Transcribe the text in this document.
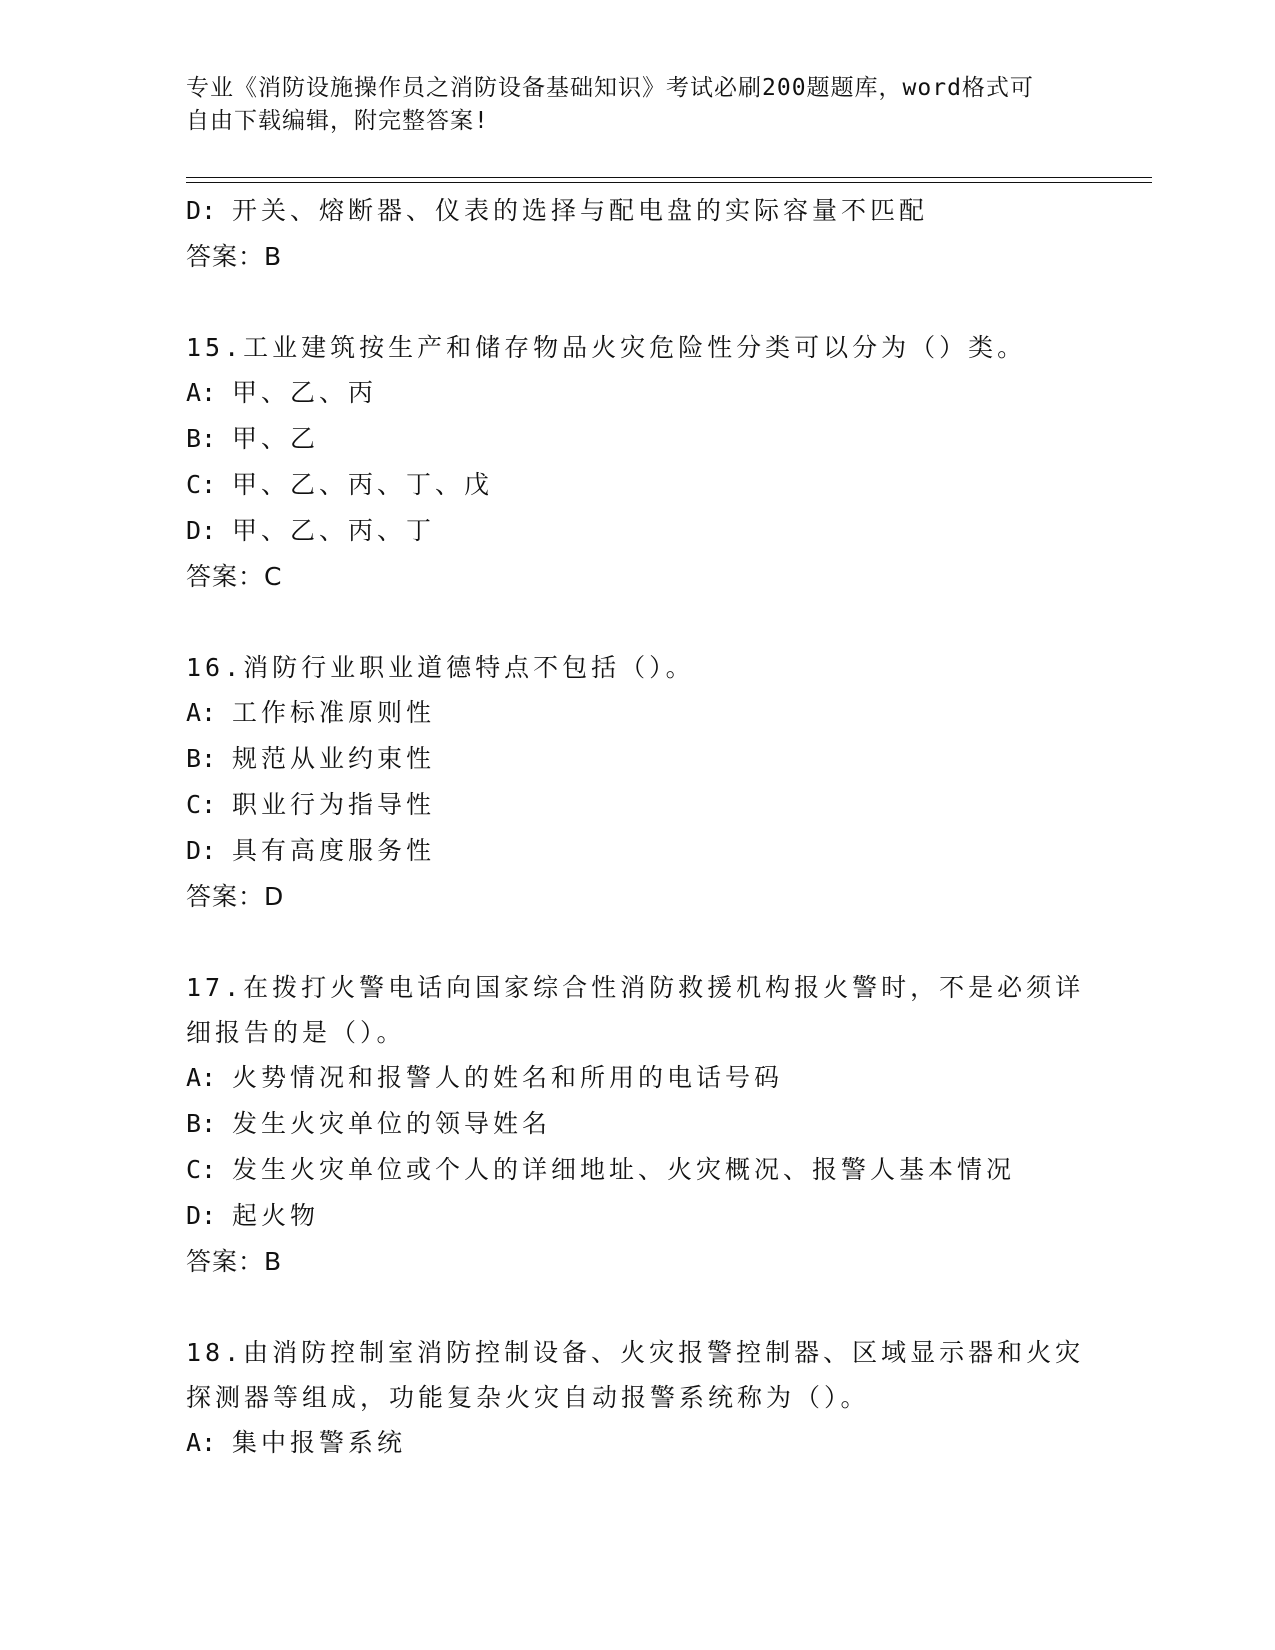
专业《消防设施操作员之消防设备基础知识》考试必刷200题题库，word格式可
自由下载编辑，附完整答案!
D: 开关、熔断器、仪表的选择与配电盘的实际容量不匹配
答案：B
15.工业建筑按生产和储存物品火灾危险性分类可以分为（）类。
A: 甲、乙、丙
B: 甲、乙
C: 甲、乙、丙、丁、戊
D: 甲、乙、丙、丁
答案：C
16.消防行业职业道德特点不包括（）。
A: 工作标准原则性
B: 规范从业约束性
C: 职业行为指导性
D: 具有高度服务性
答案：D
17.在拨打火警电话向国家综合性消防救援机构报火警时，不是必须详
细报告的是（）。
A: 火势情况和报警人的姓名和所用的电话号码
B: 发生火灾单位的领导姓名
C: 发生火灾单位或个人的详细地址、火灾概况、报警人基本情况
D: 起火物
答案：B
18.由消防控制室消防控制设备、火灾报警控制器、区域显示器和火灾
探测器等组成，功能复杂火灾自动报警系统称为（）。
A: 集中报警系统
